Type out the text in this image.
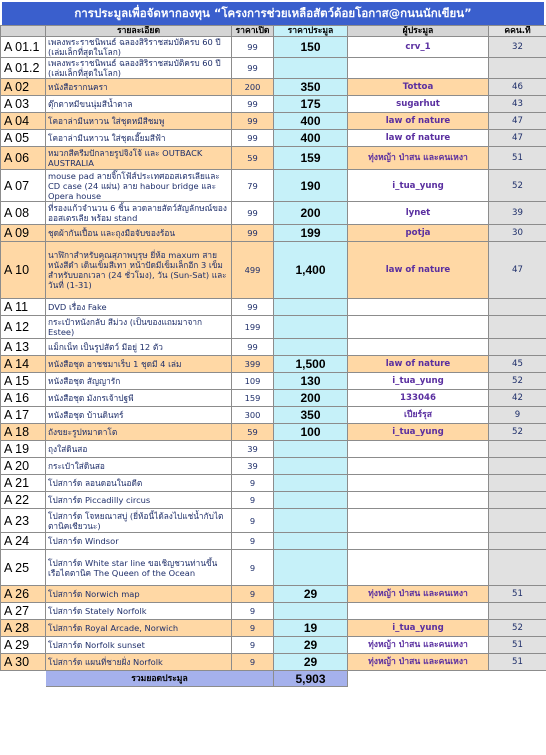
การประมูลเพื่อจัดหากองทุน “โครงการช่วยเหลือสัตว์ด้อยโอกาส@กนนนักเขียน”
	รายละเอียด	ราคาเปิด	ราคาประมูล	ผู้ประมูล	คคน.ที่
A 01.1	เพลงพระราชนิพนธ์ ฉลองสิริราชสมบัติครบ 60 ปี (เล่มเล็กที่สุดในโลก)	99	150	crv_1	32
A 01.2	เพลงพระราชนิพนธ์ ฉลองสิริราชสมบัติครบ 60 ปี (เล่มเล็กที่สุดในโลก)	99			
A 02	หนังสือรากนครา	200	350	Tottoa	46
A 03	ตุ๊กตาหมีขนนุ่มสีน้ำตาล	99	175	sugarhut	43
A 04	โคอาล่ามีนหาวน ใส่ชุดหมีสีชมพู	99	400	law of nature	47
A 05	โคอาล่ามีนหาวน ใส่ชุดเอี๊ยมสีฟ้า	99	400	law of nature	47
A 06	หมวกสีครีมปักลายรูปจิงโจ้ และ OUTBACK AUSTRALIA	59	159	ทุ่งหญ้า ป่าสน และคนเหงา	51
A 07	mouse pad ลายจิ๊กโฟ้ส์ประเทศออสเตรเลียและ CD case (24 แผ่น) ลาย habour bridge และ Opera house	79	190	i_tua_yung	52
A 08	ที่รองแก้วจำนวน 6 ชิ้น ลวดลายสัตว์สัญลักษณ์ของออสเตรเลีย พร้อม stand	99	200	lynet	39
A 09	ชุดผ้ากันเปื้อน และถุงมือจับของร้อน	99	199	potja	30
A 10	นาฬิกาสำหรับคุณสุภาพบุรุษ ยี่ห้อ maxum สายหนังสีดำ เดินเข็มสีเทา หน้าปัดมีเข็มเล็กอีก 3 เข็มสำหรับบอกเวลา (24 ชั่วโมง), วัน (Sun-Sat) และวันที่ (1-31)	499	1,400	law of nature	47
A 11	DVD เรื่อง Fake	99			
A 12	กระเป๋าหนังกลับ สีม่วง (เป็นของแถมมาจาก Estee)	199			
A 13	แม็กเน็ท เป็นรูปสัตว์ มีอยู่ 12 ตัว	99			
A 14	หนังสือชุด อาชชมาเร็บ 1 ชุดมี 4 เล่ม	399	1,500	law of nature	45
A 15	หนังสือชุด สัญญารัก	109	130	i_tua_yung	52
A 16	หนังสือชุด มังกรเจ้าปฐพี	159	200	133046	42
A 17	หนังสือชุด บ้านดินทร์	300	350	เปียร์รุส	9
A 18	ถังขยะรูปหมาดาโต	59	100	i_tua_yung	52
A 19	ถุงใส่ดินสอ	39			
A 20	กระเป๋าใส่ดินสอ	39			
A 21	โปสการ์ด ลอนดอนในอดีต	9			
A 22	โปสการ์ด Piccadilly circus	9			
A 23	โปสการ์ด โจหยณาสบู่ (ยี่ห้อนี้ได้ลงไปแช่น้ำกับไตตานิคเชียวนะ)	9			
A 24	โปสการ์ด Windsor	9			
A 25	โปสการ์ด White star line ขอเชิญชวนท่านขึ้นเรือไตตานิค The Queen of the Ocean	9			
A 26	โปสการ์ด Norwich map	9	29	ทุ่งหญ้า ป่าสน และคนเหงา	51
A 27	โปสการ์ด Stately Norfolk	9			
A 28	โปสการ์ด Royal Arcade, Norwich	9	19	i_tua_yung	52
A 29	โปสการ์ด Norfolk sunset	9	29	ทุ่งหญ้า ป่าสน และคนเหงา	51
A 30	โปสการ์ด แผนที่ชายฝั่ง Norfolk	9	29	ทุ่งหญ้า ป่าสน และคนเหงา	51
	รวมยอดประมูล		5,903		
